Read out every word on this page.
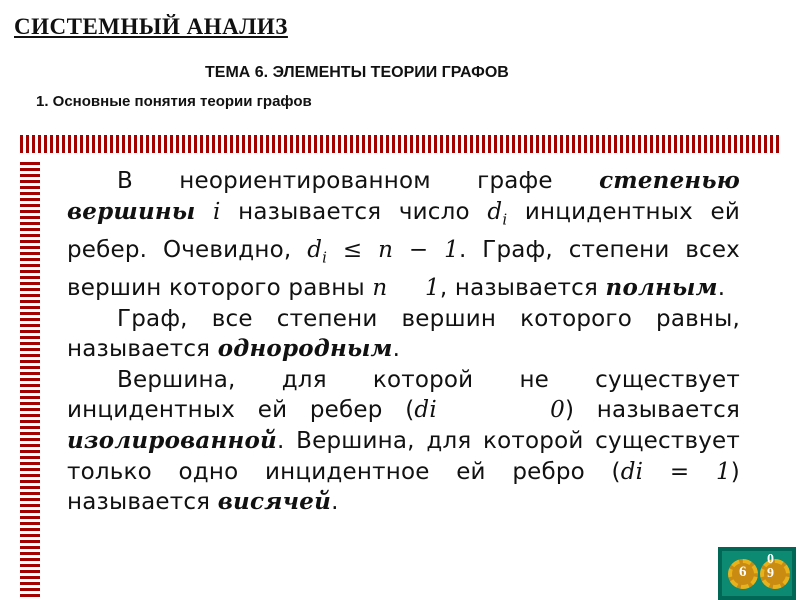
СИСТЕМНЫЙ АНАЛИЗ
ТЕМА 6. ЭЛЕМЕНТЫ ТЕОРИИ ГРАФОВ
1. Основные понятия теории графов

В неориентированном графе степенью вершины i называется число $d_i$ инцидентных ей ребер. Очевидно, $d_i \le n - 1$. Граф, степени всех вершин которого равны n 1, называется полным.

Граф, все степени вершин которого равны, называется однородным.

Вершина, для которой не существует инцидентных ей ребер (di	0) называется изолированной. Вершина, для которой существует только одно инцидентное ей ребро (di = 1) называется висячей.

6
0
9
